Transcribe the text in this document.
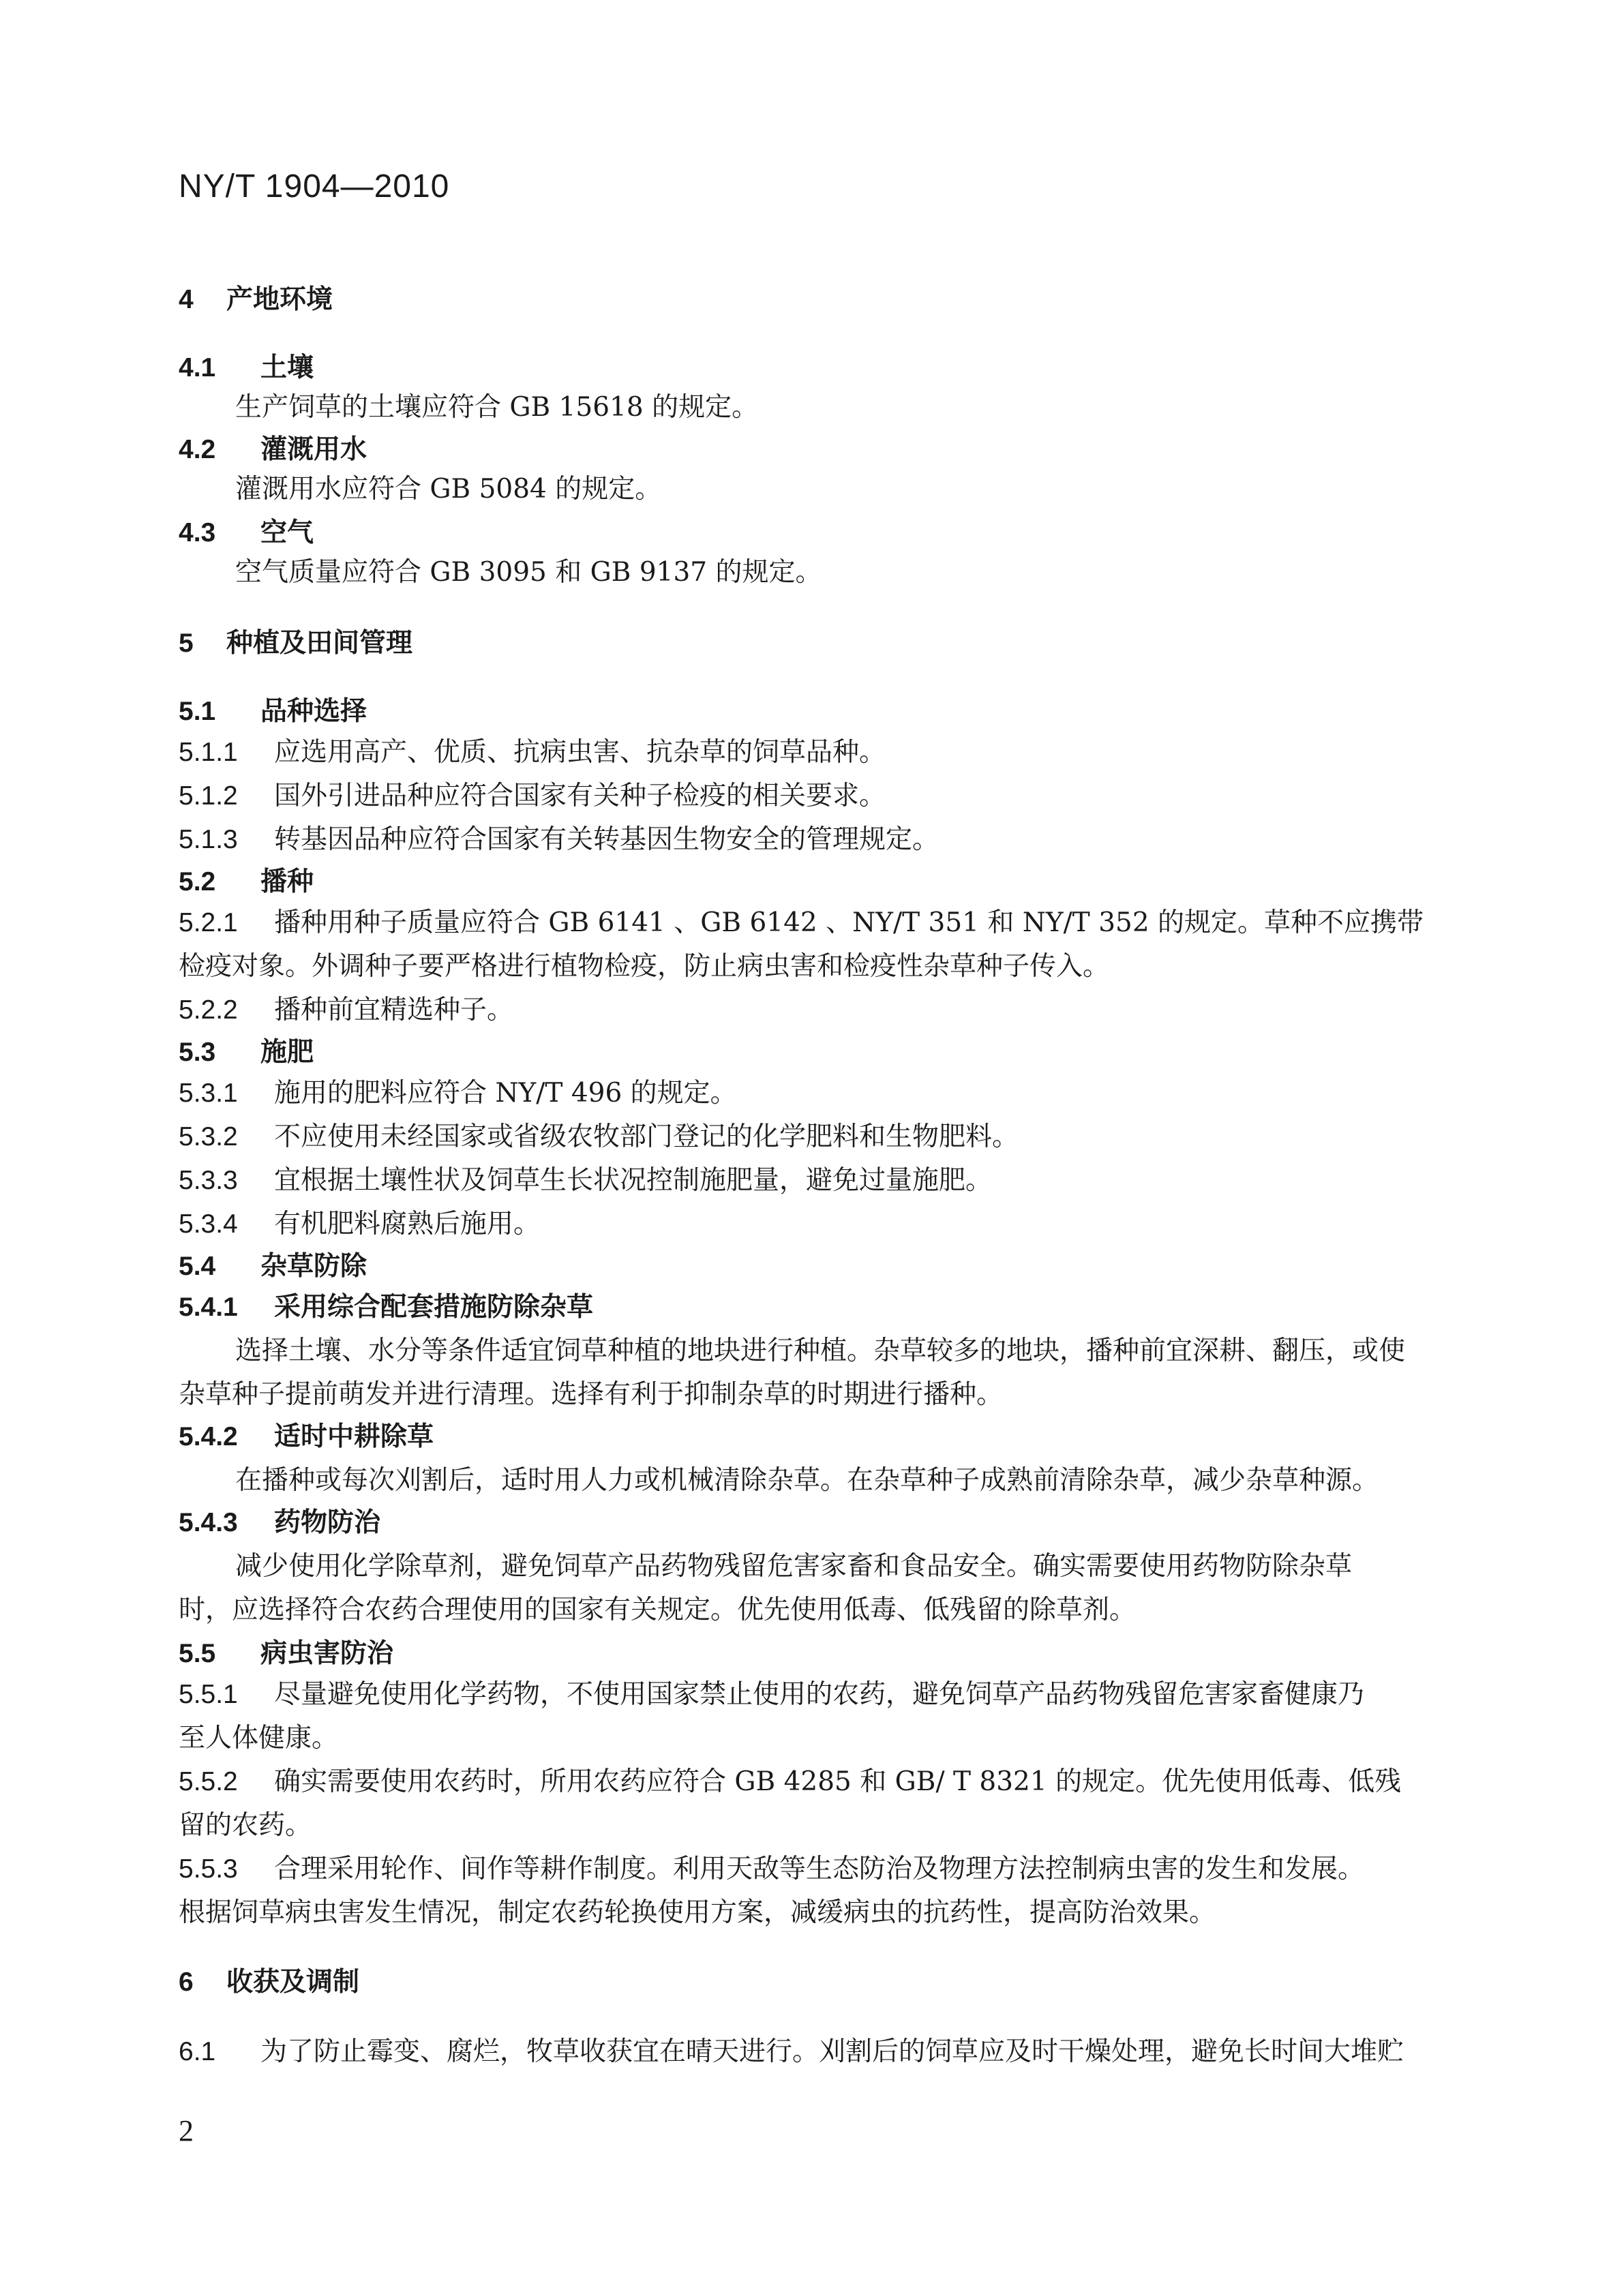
NY/T 1904—2010
4 产地环境
4.1 土壤
生产饲草的土壤应符合 GB 15618 的规定。
4.2 灌溉用水
灌溉用水应符合 GB 5084 的规定。
4.3 空气
空气质量应符合 GB 3095 和 GB 9137 的规定。
5 种植及田间管理
5.1 品种选择
5.1.1 应选用高产、优质、抗病虫害、抗杂草的饲草品种。
5.1.2 国外引进品种应符合国家有关种子检疫的相关要求。
5.1.3 转基因品种应符合国家有关转基因生物安全的管理规定。
5.2 播种
5.2.1 播种用种子质量应符合 GB 6141 、GB 6142 、NY/T 351 和 NY/T 352 的规定。草种不应携带
检疫对象。外调种子要严格进行植物检疫，防止病虫害和检疫性杂草种子传入。
5.2.2 播种前宜精选种子。
5.3 施肥
5.3.1 施用的肥料应符合 NY/T 496 的规定。
5.3.2 不应使用未经国家或省级农牧部门登记的化学肥料和生物肥料。
5.3.3 宜根据土壤性状及饲草生长状况控制施肥量，避免过量施肥。
5.3.4 有机肥料腐熟后施用。
5.4 杂草防除
5.4.1 采用综合配套措施防除杂草
选择土壤、水分等条件适宜饲草种植的地块进行种植。杂草较多的地块，播种前宜深耕、翻压，或使
杂草种子提前萌发并进行清理。选择有利于抑制杂草的时期进行播种。
5.4.2 适时中耕除草
在播种或每次刈割后，适时用人力或机械清除杂草。在杂草种子成熟前清除杂草，减少杂草种源。
5.4.3 药物防治
减少使用化学除草剂，避免饲草产品药物残留危害家畜和食品安全。确实需要使用药物防除杂草
时，应选择符合农药合理使用的国家有关规定。优先使用低毒、低残留的除草剂。
5.5 病虫害防治
5.5.1 尽量避免使用化学药物，不使用国家禁止使用的农药，避免饲草产品药物残留危害家畜健康乃
至人体健康。
5.5.2 确实需要使用农药时，所用农药应符合 GB 4285 和 GB/ T 8321 的规定。优先使用低毒、低残
留的农药。
5.5.3 合理采用轮作、间作等耕作制度。利用天敌等生态防治及物理方法控制病虫害的发生和发展。
根据饲草病虫害发生情况，制定农药轮换使用方案，减缓病虫的抗药性，提高防治效果。
6 收获及调制
6.1 为了防止霉变、腐烂，牧草收获宜在晴天进行。刈割后的饲草应及时干燥处理，避免长时间大堆贮
2
